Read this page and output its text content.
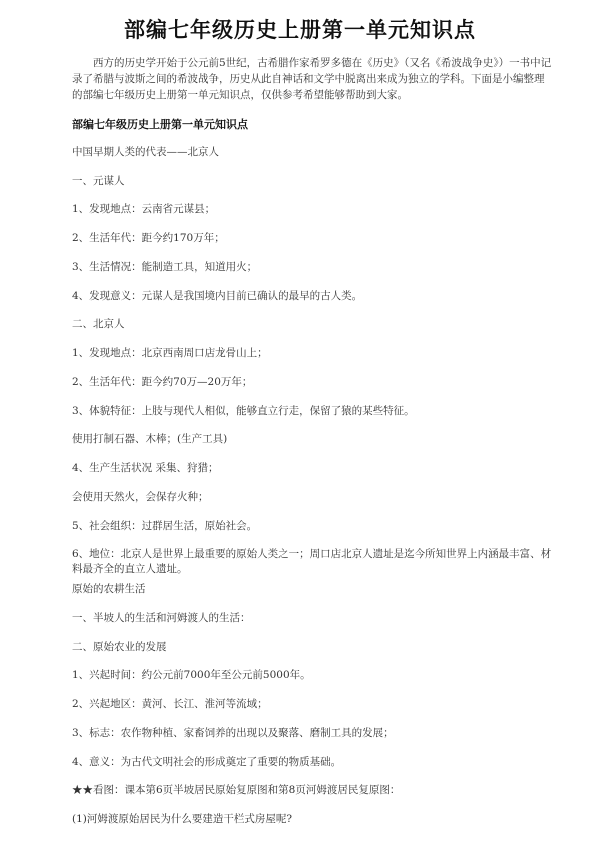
部编七年级历史上册第一单元知识点
西方的历史学开始于公元前5世纪，古希腊作家希罗多德在《历史》（又名《希波战争史》）一书中记录了希腊与波斯之间的希波战争，历史从此自神话和文学中脱离出来成为独立的学科。下面是小编整理的部编七年级历史上册第一单元知识点，仅供参考希望能够帮助到大家。
部编七年级历史上册第一单元知识点
中国早期人类的代表——北京人
一、元谋人
1、发现地点：云南省元谋县；
2、生活年代：距今约170万年；
3、生活情况：能制造工具，知道用火；
4、发现意义：元谋人是我国境内目前已确认的最早的古人类。
二、北京人
1、发现地点：北京西南周口店龙骨山上；
2、生活年代：距今约70万—20万年；
3、体貌特征：上肢与现代人相似，能够直立行走，保留了猿的某些特征。
使用打制石器、木棒；(生产工具)
4、生产生活状况 采集、狩猎；
会使用天然火，会保存火种；
5、社会组织：过群居生活，原始社会。
6、地位：北京人是世界上最重要的原始人类之一；周口店北京人遗址是迄今所知世界上内涵最丰富、材料最齐全的直立人遗址。
原始的农耕生活
一、半坡人的生活和河姆渡人的生活：
二、原始农业的发展
1、兴起时间：约公元前7000年至公元前5000年。
2、兴起地区：黄河、长江、淮河等流域；
3、标志：农作物种植、家畜饲养的出现以及聚落、磨制工具的发展；
4、意义：为古代文明社会的形成奠定了重要的物质基础。
★★看图：课本第6页半坡居民原始复原图和第8页河姆渡居民复原图：
(1)河姆渡原始居民为什么要建造干栏式房屋呢?
